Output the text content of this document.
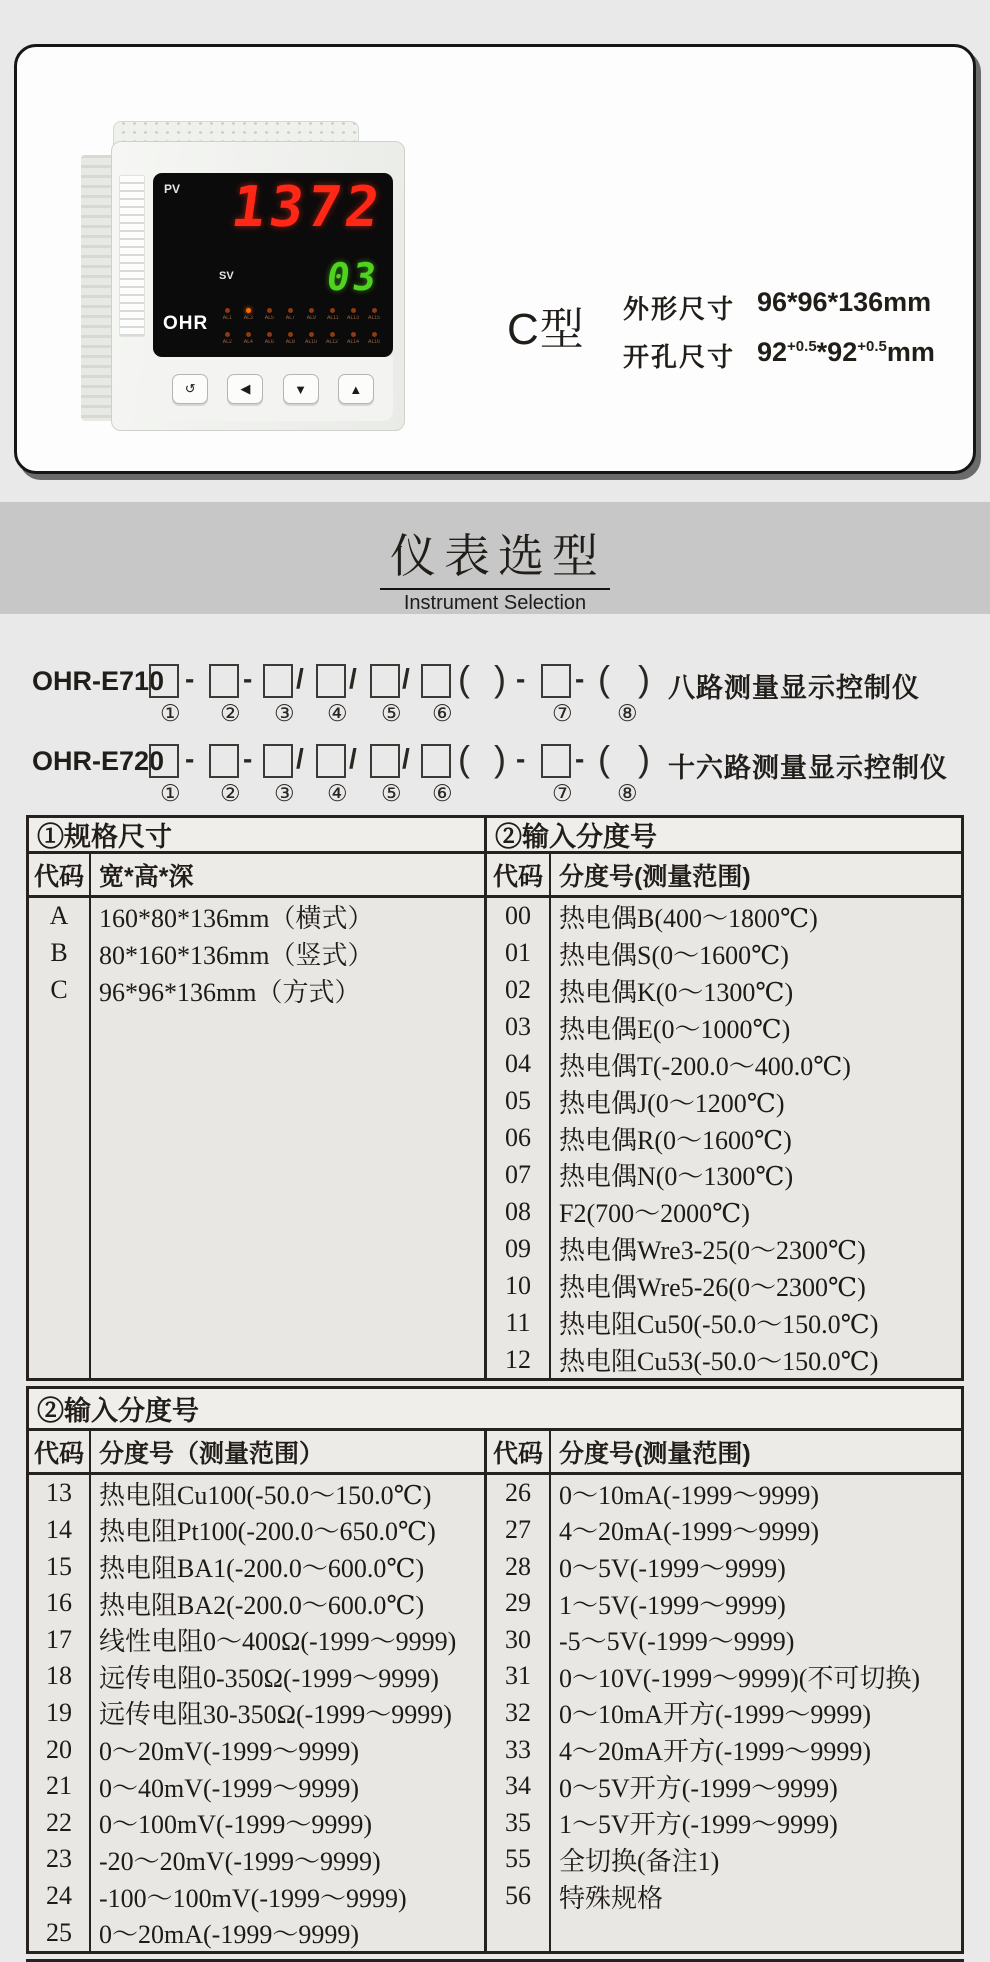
PV 1372
SV 03
OHR AL1 AL3 AL5 AL7 AL9 AL11 AL13 AL15
AL2 AL4 AL6 AL8 AL10 AL12 AL14 AL16
↺	◀	▼	▲
C型 外形尺寸 96*96*136mm
开孔尺寸 $92^{+0.5}*92^{+0.5}mm$
仪表选型
Instrument Selection
OHR-E710 - - / / / ( ) - - ( ) 八路测量显示控制仪
① ② ③ ④ ⑤ ⑥	⑦ ⑧
OHR-E720 - - / / / ( ) - - ( ) 十六路测量显示控制仪
① ② ③ ④ ⑤ ⑥	⑦ ⑧
①规格尺寸
代码 宽*高*深
A	160*80*136mm（横式）
B	80*160*136mm（竖式）
C	96*96*136mm（方式）
②输入分度号
代码 分度号(测量范围)
00	热电偶B(400～1800℃)
01	热电偶S(0～1600℃)
02	热电偶K(0～1300℃)
03	热电偶E(0～1000℃)
04	热电偶T(-200.0～400.0℃)
05	热电偶J(0～1200℃)
06	热电偶R(0～1600℃)
07	热电偶N(0～1300℃)
08	F2(700～2000℃)
09	热电偶Wre3-25(0～2300℃)
10	热电偶Wre5-26(0～2300℃)
11	热电阻Cu50(-50.0～150.0℃)
12	热电阻Cu53(-50.0～150.0℃)
②输入分度号
代码 分度号（测量范围）
13	热电阻Cu100(-50.0～150.0℃)
14	热电阻Pt100(-200.0～650.0℃)
15	热电阻BA1(-200.0～600.0℃)
16	热电阻BA2(-200.0～600.0℃)
17	线性电阻0～400Ω(-1999～9999)
18	远传电阻0-350Ω(-1999～9999)
19	远传电阻30-350Ω(-1999～9999)
20	0～20mV(-1999～9999)
21	0～40mV(-1999～9999)
22	0～100mV(-1999～9999)
23	-20～20mV(-1999～9999)
24	-100～100mV(-1999～9999)
25	0～20mA(-1999～9999)
代码 分度号(测量范围)
26	0～10mA(-1999～9999)
27	4～20mA(-1999～9999)
28	0～5V(-1999～9999)
29	1～5V(-1999～9999)
30	-5～5V(-1999～9999)
31	0～10V(-1999～9999)(不可切换)
32	0～10mA开方(-1999～9999)
33	4～20mA开方(-1999～9999)
34	0～5V开方(-1999～9999)
35	1～5V开方(-1999～9999)
55	全切换(备注1)
56	特殊规格
